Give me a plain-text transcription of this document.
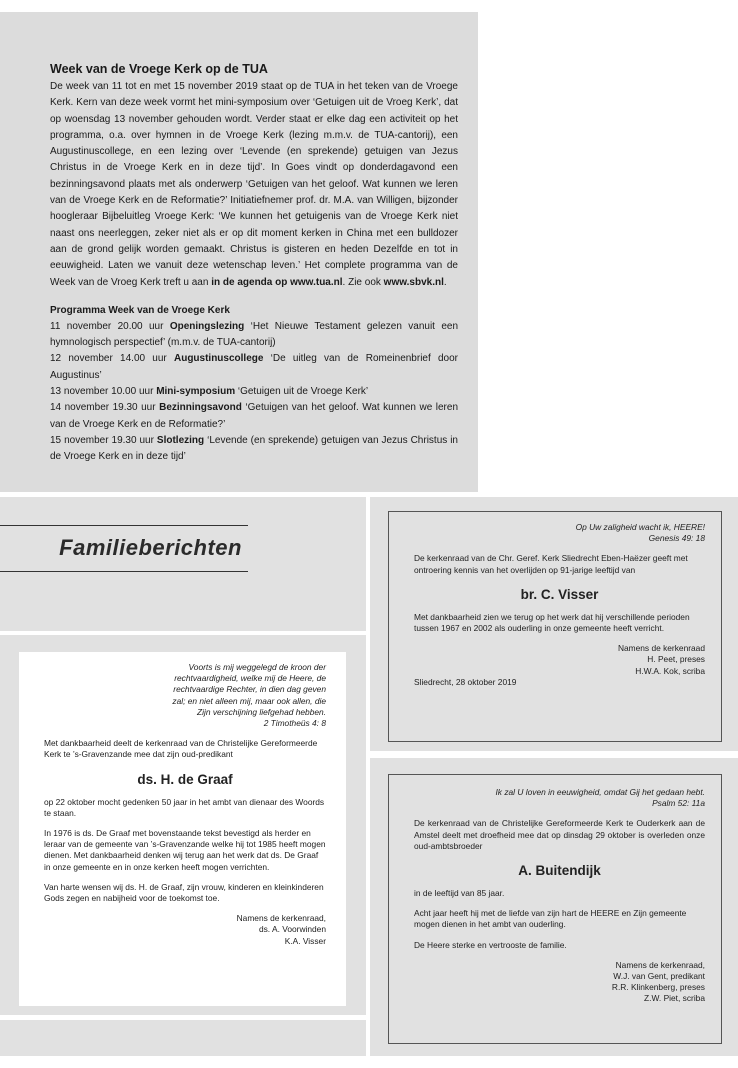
Week van de Vroege Kerk op de TUA

De week van 11 tot en met 15 november 2019 staat op de TUA in het teken van de Vroege Kerk. Kern van deze week vormt het mini-symposium over ‘Getuigen uit de Vroeg Kerk’, dat op woensdag 13 november gehouden wordt. Verder staat er elke dag een activiteit op het programma, o.a. over hymnen in de Vroege Kerk (lezing m.m.v. de TUA-cantorij), een Augustinuscollege, en een lezing over ‘Levende (en sprekende) getuigen van Jezus Christus in de Vroege Kerk en in deze tijd’. In Goes vindt op donderdagavond een bezinningsavond plaats met als onderwerp ‘Getuigen van het geloof. Wat kunnen we leren van de Vroege Kerk en de Reformatie?’ Initiatiefnemer prof. dr. M.A. van Willigen, bijzonder hoogleraar Bijbeluitleg Vroege Kerk: ‘We kunnen het getuigenis van de Vroege Kerk niet naast ons neerleggen, zeker niet als er op dit moment kerken in China met een bulldozer aan de grond gelijk worden gemaakt. Christus is gisteren en heden Dezelfde en tot in eeuwigheid. Laten we vanuit deze wetenschap leven.’ Het complete programma van de Week van de Vroeg Kerk treft u aan in de agenda op www.tua.nl. Zie ook www.sbvk.nl.

Programma Week van de Vroege Kerk

11 november 20.00 uur Openingslezing ‘Het Nieuwe Testament gelezen vanuit een hymnologisch perspectief’ (m.m.v. de TUA-cantorij)

12 november 14.00 uur Augustinuscollege ‘De uitleg van de Romeinenbrief door Augustinus’

13 november 10.00 uur Mini-symposium ‘Getuigen uit de Vroege Kerk’

14 november 19.30 uur Bezinningsavond ‘Getuigen van het geloof. Wat kunnen we leren van de Vroege Kerk en de Reformatie?’

15 november 19.30 uur Slotlezing ‘Levende (en sprekende) getuigen van Jezus Christus in de Vroege Kerk en in deze tijd’

Familieberichten

Voorts is mij weggelegd de kroon der
rechtvaardigheid, welke mij de Heere, de
rechtvaardige Rechter, in dien dag geven
zal; en niet alleen mij, maar ook allen, die
Zijn verschijning liefgehad hebben.

2 Timotheüs 4: 8

Met dankbaarheid deelt de kerkenraad van de Christelijke Gereformeerde Kerk te ’s-Gravenzande mee dat zijn oud-predikant

ds. H. de Graaf

op 22 oktober mocht gedenken 50 jaar in het ambt van dienaar des Woords te staan.

In 1976 is ds. De Graaf met bovenstaande tekst bevestigd als herder en leraar van de gemeente van ’s-Gravenzande welke hij tot 1985 heeft mogen dienen. Met dankbaarheid denken wij terug aan het werk dat ds. De Graaf in onze gemeente en in onze kerken heeft mogen verrichten.

Van harte wensen wij ds. H. de Graaf, zijn vrouw, kinderen en kleinkinderen Gods zegen en nabijheid voor de toekomst toe.

Namens de kerkenraad,
ds. A. Voorwinden
K.A. Visser

Op Uw zaligheid wacht ik, HEERE!

Genesis 49: 18

De kerkenraad van de Chr. Geref. Kerk Sliedrecht Eben-Haëzer geeft met ontroering kennis van het overlijden op 91-jarige leeftijd van

br. C. Visser

Met dankbaarheid zien we terug op het werk dat hij verschillende perioden tussen 1967 en 2002 als ouderling in onze gemeente heeft verricht.

Namens de kerkenraad
H. Peet, preses
H.W.A. Kok, scriba

Sliedrecht, 28 oktober 2019

Ik zal U loven in eeuwigheid, omdat Gij het gedaan hebt.

Psalm 52: 11a

De kerkenraad van de Christelijke Gereformeerde Kerk te Ouderkerk aan de Amstel deelt met droefheid mee dat op dinsdag 29 oktober is overleden onze oud-ambtsbroeder

A. Buitendijk

in de leeftijd van 85 jaar.

Acht jaar heeft hij met de liefde van zijn hart de HEERE en Zijn gemeente mogen dienen in het ambt van ouderling.

De Heere sterke en vertrooste de familie.

Namens de kerkenraad,
W.J. van Gent, predikant
R.R. Klinkenberg, preses
Z.W. Piet, scriba
